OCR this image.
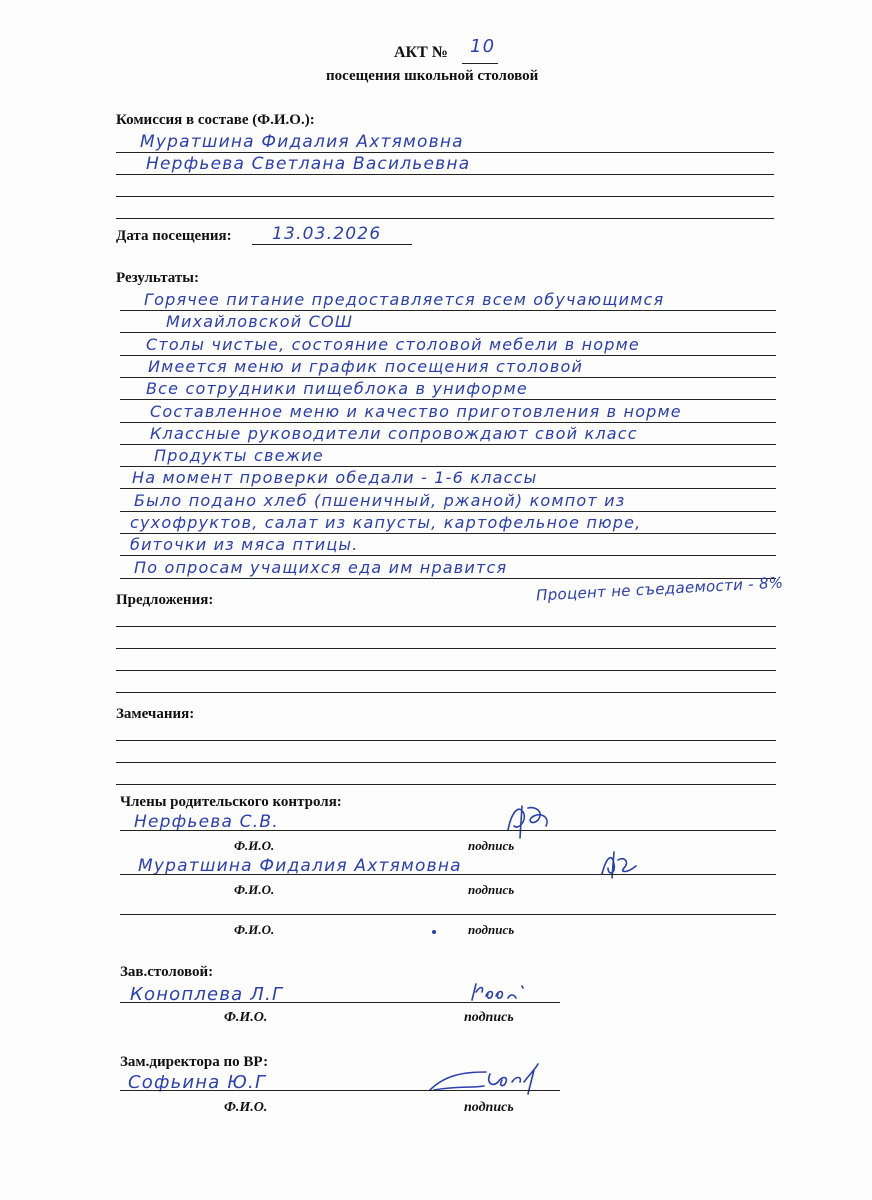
АКТ № 10
посещения школьной столовой
Комиссия в составе (Ф.И.О.):
Муратшина Фидалия Ахтямовна
Нерфьева Светлана Васильевна
Дата посещения: 13.03.2026
Результаты:
Горячее питание предоставляется всем обучающимся
Михайловской СОШ
Столы чистые, состояние столовой мебели в норме
Имеется меню и график посещения столовой
Все сотрудники пищеблока в униформе
Составленное меню и качество приготовления в норме
Классные руководители сопровождают свой класс
Продукты свежие
На момент проверки обедали - 1-6 классы
Было подано хлеб (пшеничный, ржаной) компот из
сухофруктов, салат из капусты, картофельное пюре,
биточки из мяса птицы.
По опросам учащихся еда им нравится
Процент не съедаемости - 8%
Предложения:
Замечания:
Члены родительского контроля:
Нерфьева С.В.
Ф.И.О.	подпись
Муратшина Фидалия Ахтямовна
Ф.И.О.	подпись
Ф.И.О.	подпись
Зав.столовой:
Коноплева Л.Г
Ф.И.О.	подпись
Зам.директора по ВР:
Софьина Ю.Г
Ф.И.О.	подпись
